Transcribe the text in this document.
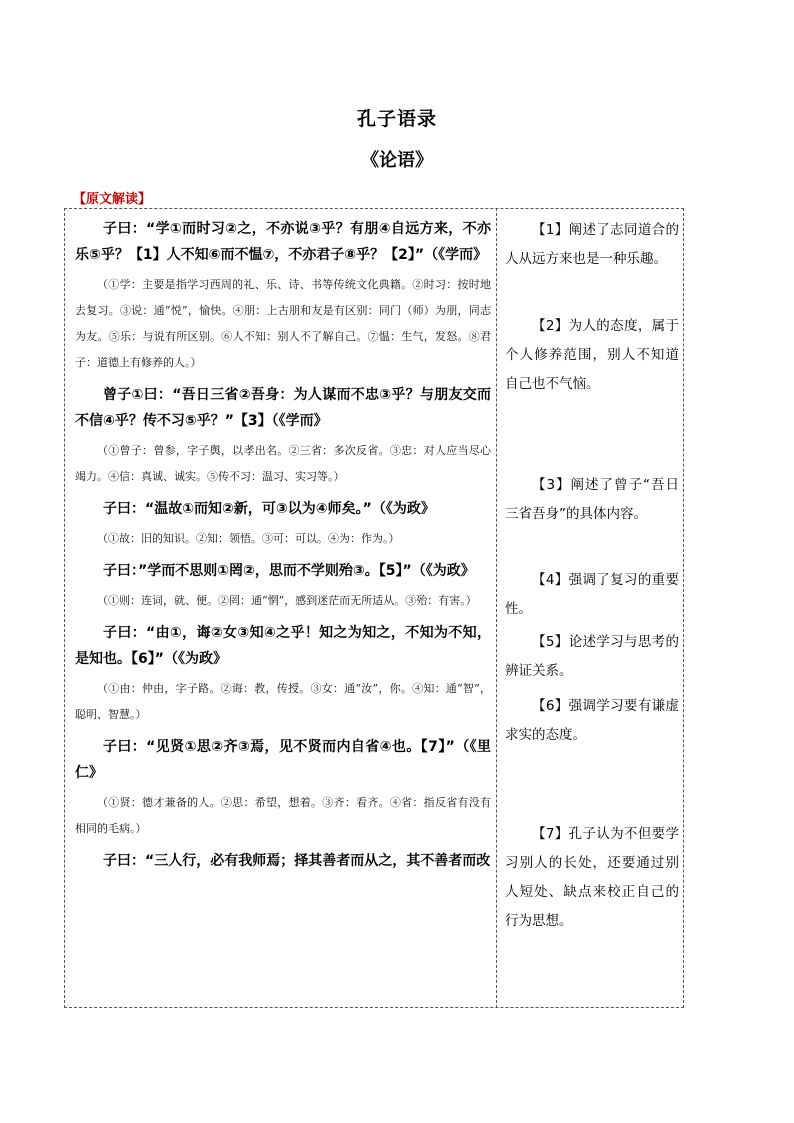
孔子语录
《论语》
【原文解读】

子曰：“学①而时习②之，不亦说③乎？有朋④自远方来，不亦乐⑤乎？【1】人不知⑥而不愠⑦，不亦君子⑧乎？【2】”（《学而》

（①学：主要是指学习西周的礼、乐、诗、书等传统文化典籍。②时习：按时地去复习。③说：通“悦”，愉快。④朋：上古朋和友是有区别：同门（师）为朋，同志为友。⑤乐：与说有所区别。⑥人不知：别人不了解自己。⑦愠：生气，发怒。⑧君子：道德上有修养的人。）

曾子①曰：“吾日三省②吾身：为人谋而不忠③乎？与朋友交而不信④乎？传不习⑤乎？”【3】（《学而》

（①曾子：曾参，字子舆，以孝出名。②三省：多次反省。③忠：对人应当尽心竭力。④信：真诚、诚实。⑤传不习：温习、实习等。）

子曰：“温故①而知②新，可③以为④师矣。”（《为政》

（①故：旧的知识。②知：领悟。③可：可以。④为：作为。）

子曰：”学而不思则①罔②，思而不学则殆③。【5】”（《为政》

（①则：连词，就、便。②罔：通“惘”，感到迷茫而无所适从。③殆：有害。）

子曰：“由①，诲②女③知④之乎！知之为知之，不知为不知，是知也。【6】”（《为政》

（①由：仲由，字子路。②诲：教，传授。③女：通“汝”，你。④知：通“智”，聪明、智慧。）

子曰：“见贤①思②齐③焉，见不贤而内自省④也。【7】”（《里仁》

（①贤：德才兼备的人。②思：希望，想着。③齐：看齐。④省：指反省有没有相同的毛病。）

子曰：“三人行，必有我师焉；择其善者而从之，其不善者而改

【1】阐述了志同道合的人从远方来也是一种乐趣。
【2】为人的态度，属于个人修养范围，别人不知道自己也不气恼。
【3】阐述了曾子“吾日三省吾身”的具体内容。
【4】强调了复习的重要性。
【5】论述学习与思考的辨证关系。
【6】强调学习要有谦虚求实的态度。
【7】孔子认为不但要学习别人的长处，还要通过别人短处、缺点来校正自己的行为思想。
